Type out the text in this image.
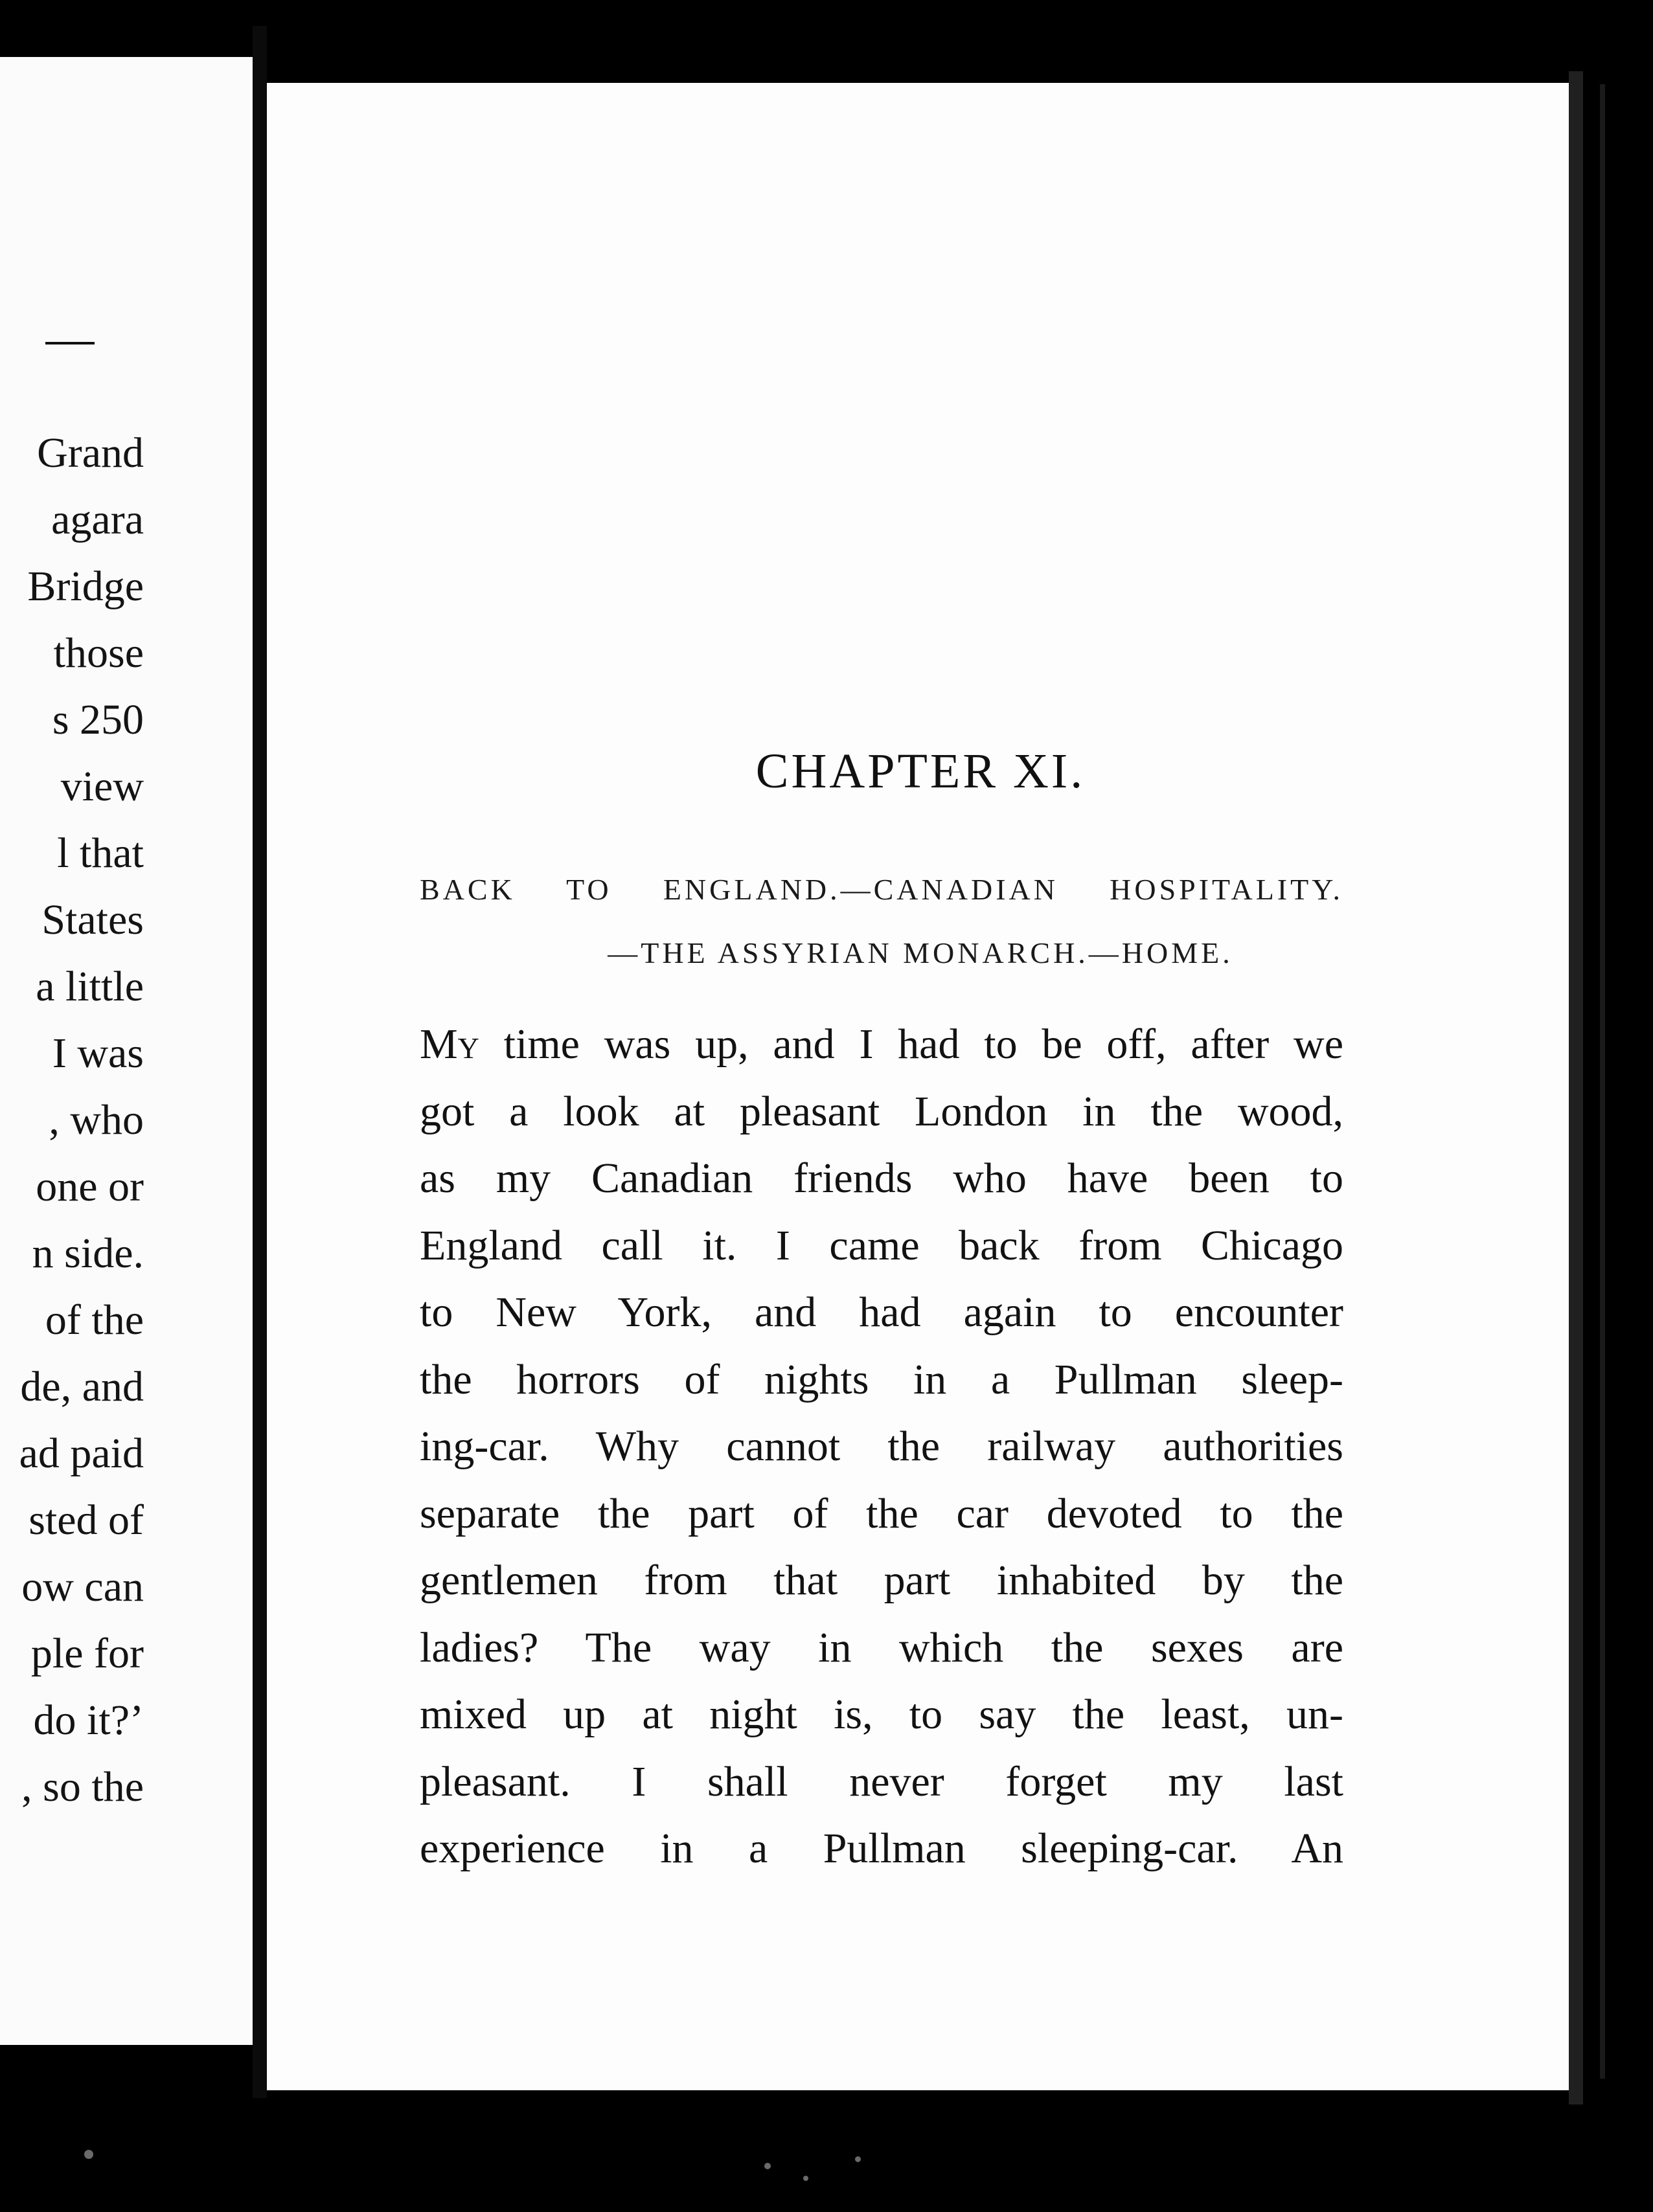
Grand
agara
Bridge
those
s 250
view
l that
States
a little
I was
, who
one or
n side.
of the
de, and
ad paid
sted of
ow can
ple for
do it?’
, so the
CHAPTER XI.

BACK TO ENGLAND.—CANADIAN HOSPITALITY.
—THE ASSYRIAN MONARCH.—HOME.

My time was up, and I had to be off, after we
got a look at pleasant London in the wood,
as my Canadian friends who have been to
England call it. I came back from Chicago
to New York, and had again to encounter
the horrors of nights in a Pullman sleep-
ing-car. Why cannot the railway authorities
separate the part of the car devoted to the
gentlemen from that part inhabited by the
ladies? The way in which the sexes are
mixed up at night is, to say the least, un-
pleasant. I shall never forget my last
experience in a Pullman sleeping-car. An
